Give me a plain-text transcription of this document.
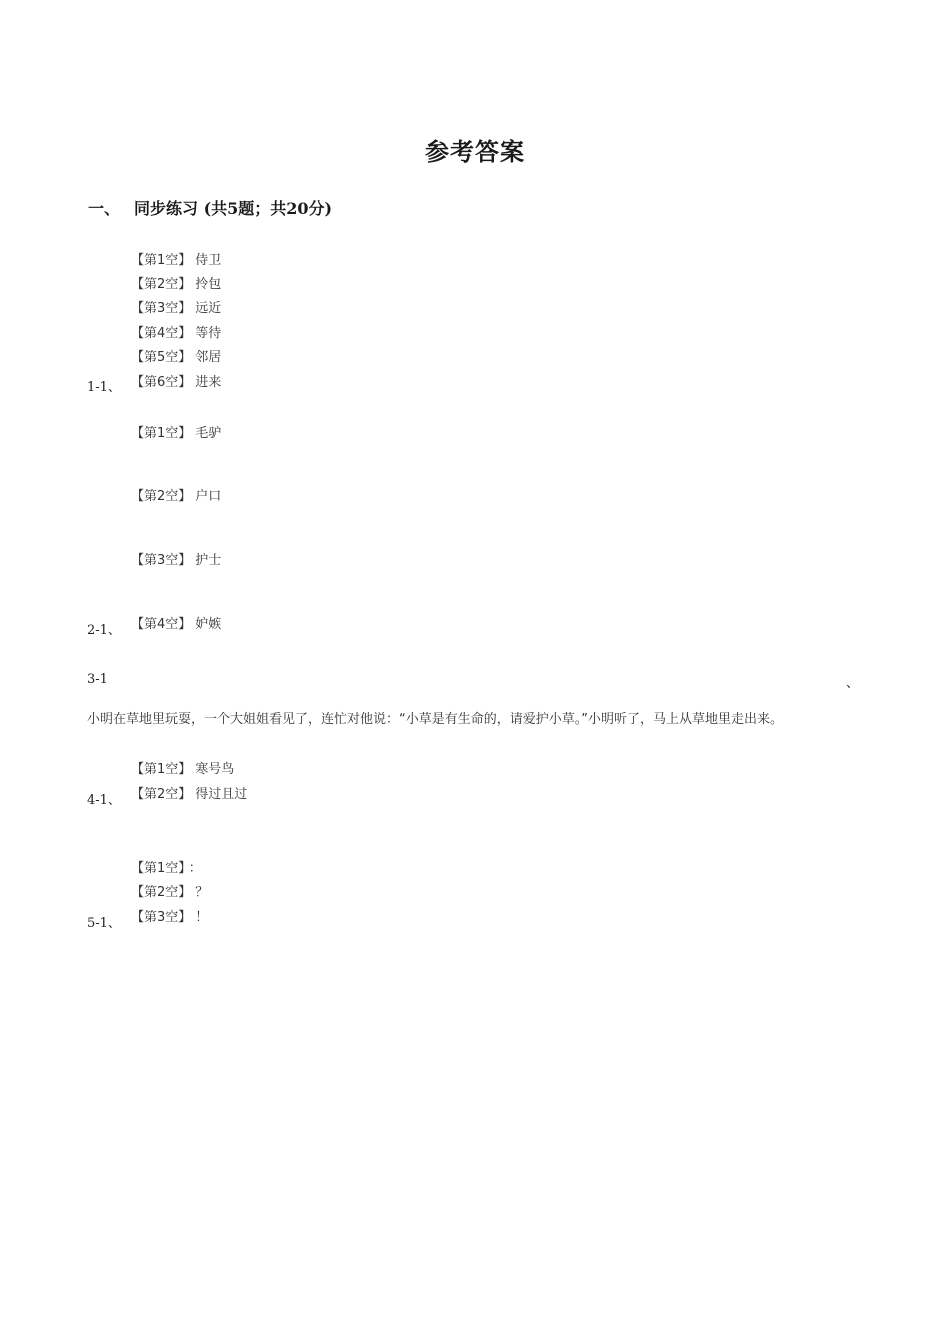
参考答案
一、 同步练习 (共5题；共20分)
【第1空】 侍卫
【第2空】 拎包
【第3空】 远近
【第4空】 等待
【第5空】 邻居
【第6空】 进来
1-1、
【第1空】 毛驴
【第2空】 户口
【第3空】 护士
【第4空】 妒嫉
2-1、
3-1	、
小明在草地里玩耍，一个大姐姐看见了，连忙对他说：“小草是有生命的，请爱护小草。”小明听了，马上从草地里走出来。
【第1空】 寒号鸟
【第2空】 得过且过
4-1、
【第1空】 ：
【第2空】 ？
【第3空】 ！
5-1、
